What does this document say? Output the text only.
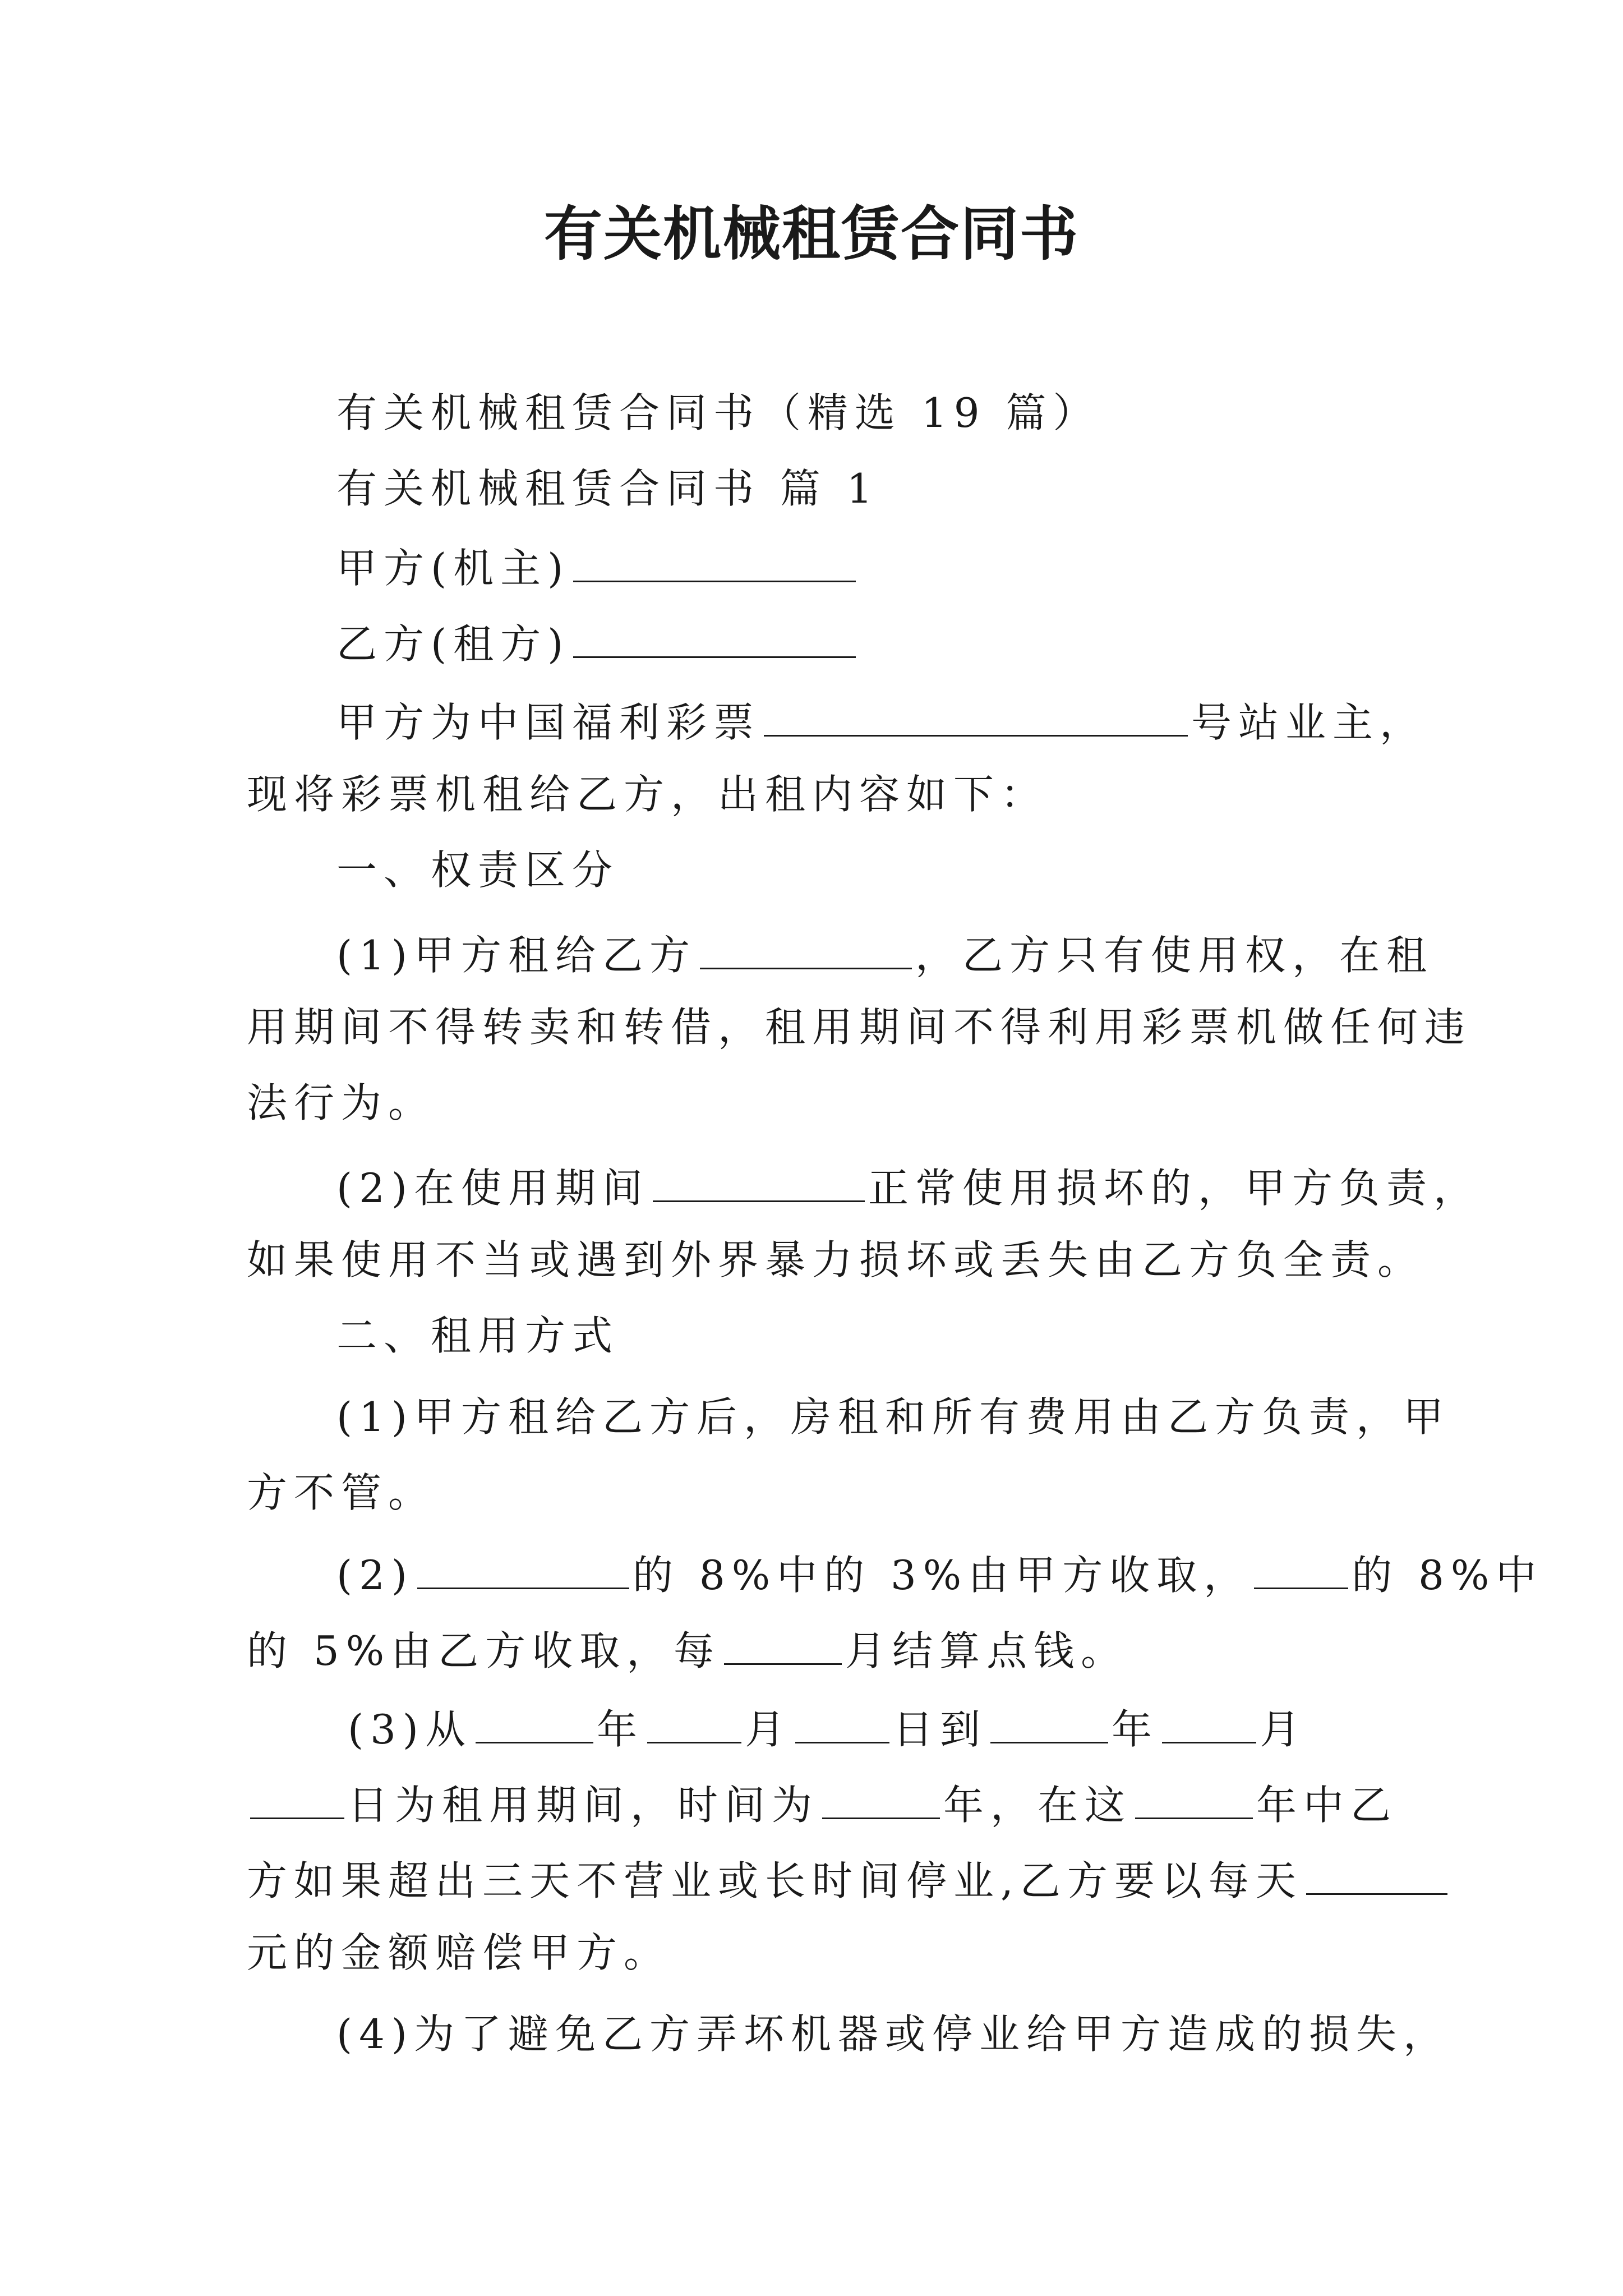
有关机械租赁合同书
有关机械租赁合同书（精选 19 篇）
有关机械租赁合同书 篇 1
甲方(机主)
乙方(租方)
甲方为中国福利彩票	号站业主，
现将彩票机租给乙方，出租内容如下：
一、权责区分
(1)甲方租给乙方	，乙方只有使用权，在租
用期间不得转卖和转借，租用期间不得利用彩票机做任何违
法行为。
(2)在使用期间	正常使用损坏的，甲方负责，
如果使用不当或遇到外界暴力损坏或丢失由乙方负全责。
二、租用方式
(1)甲方租给乙方后，房租和所有费用由乙方负责，甲
方不管。
(2)	的 8%中的 3%由甲方收取，	的 8%中
的 5%由乙方收取，每	月结算点钱。
(3)从	年	月	日到	年	月
日为租用期间，时间为	年，在这	年中乙
方如果超出三天不营业或长时间停业,乙方要以每天
元的金额赔偿甲方。
(4)为了避免乙方弄坏机器或停业给甲方造成的损失，
